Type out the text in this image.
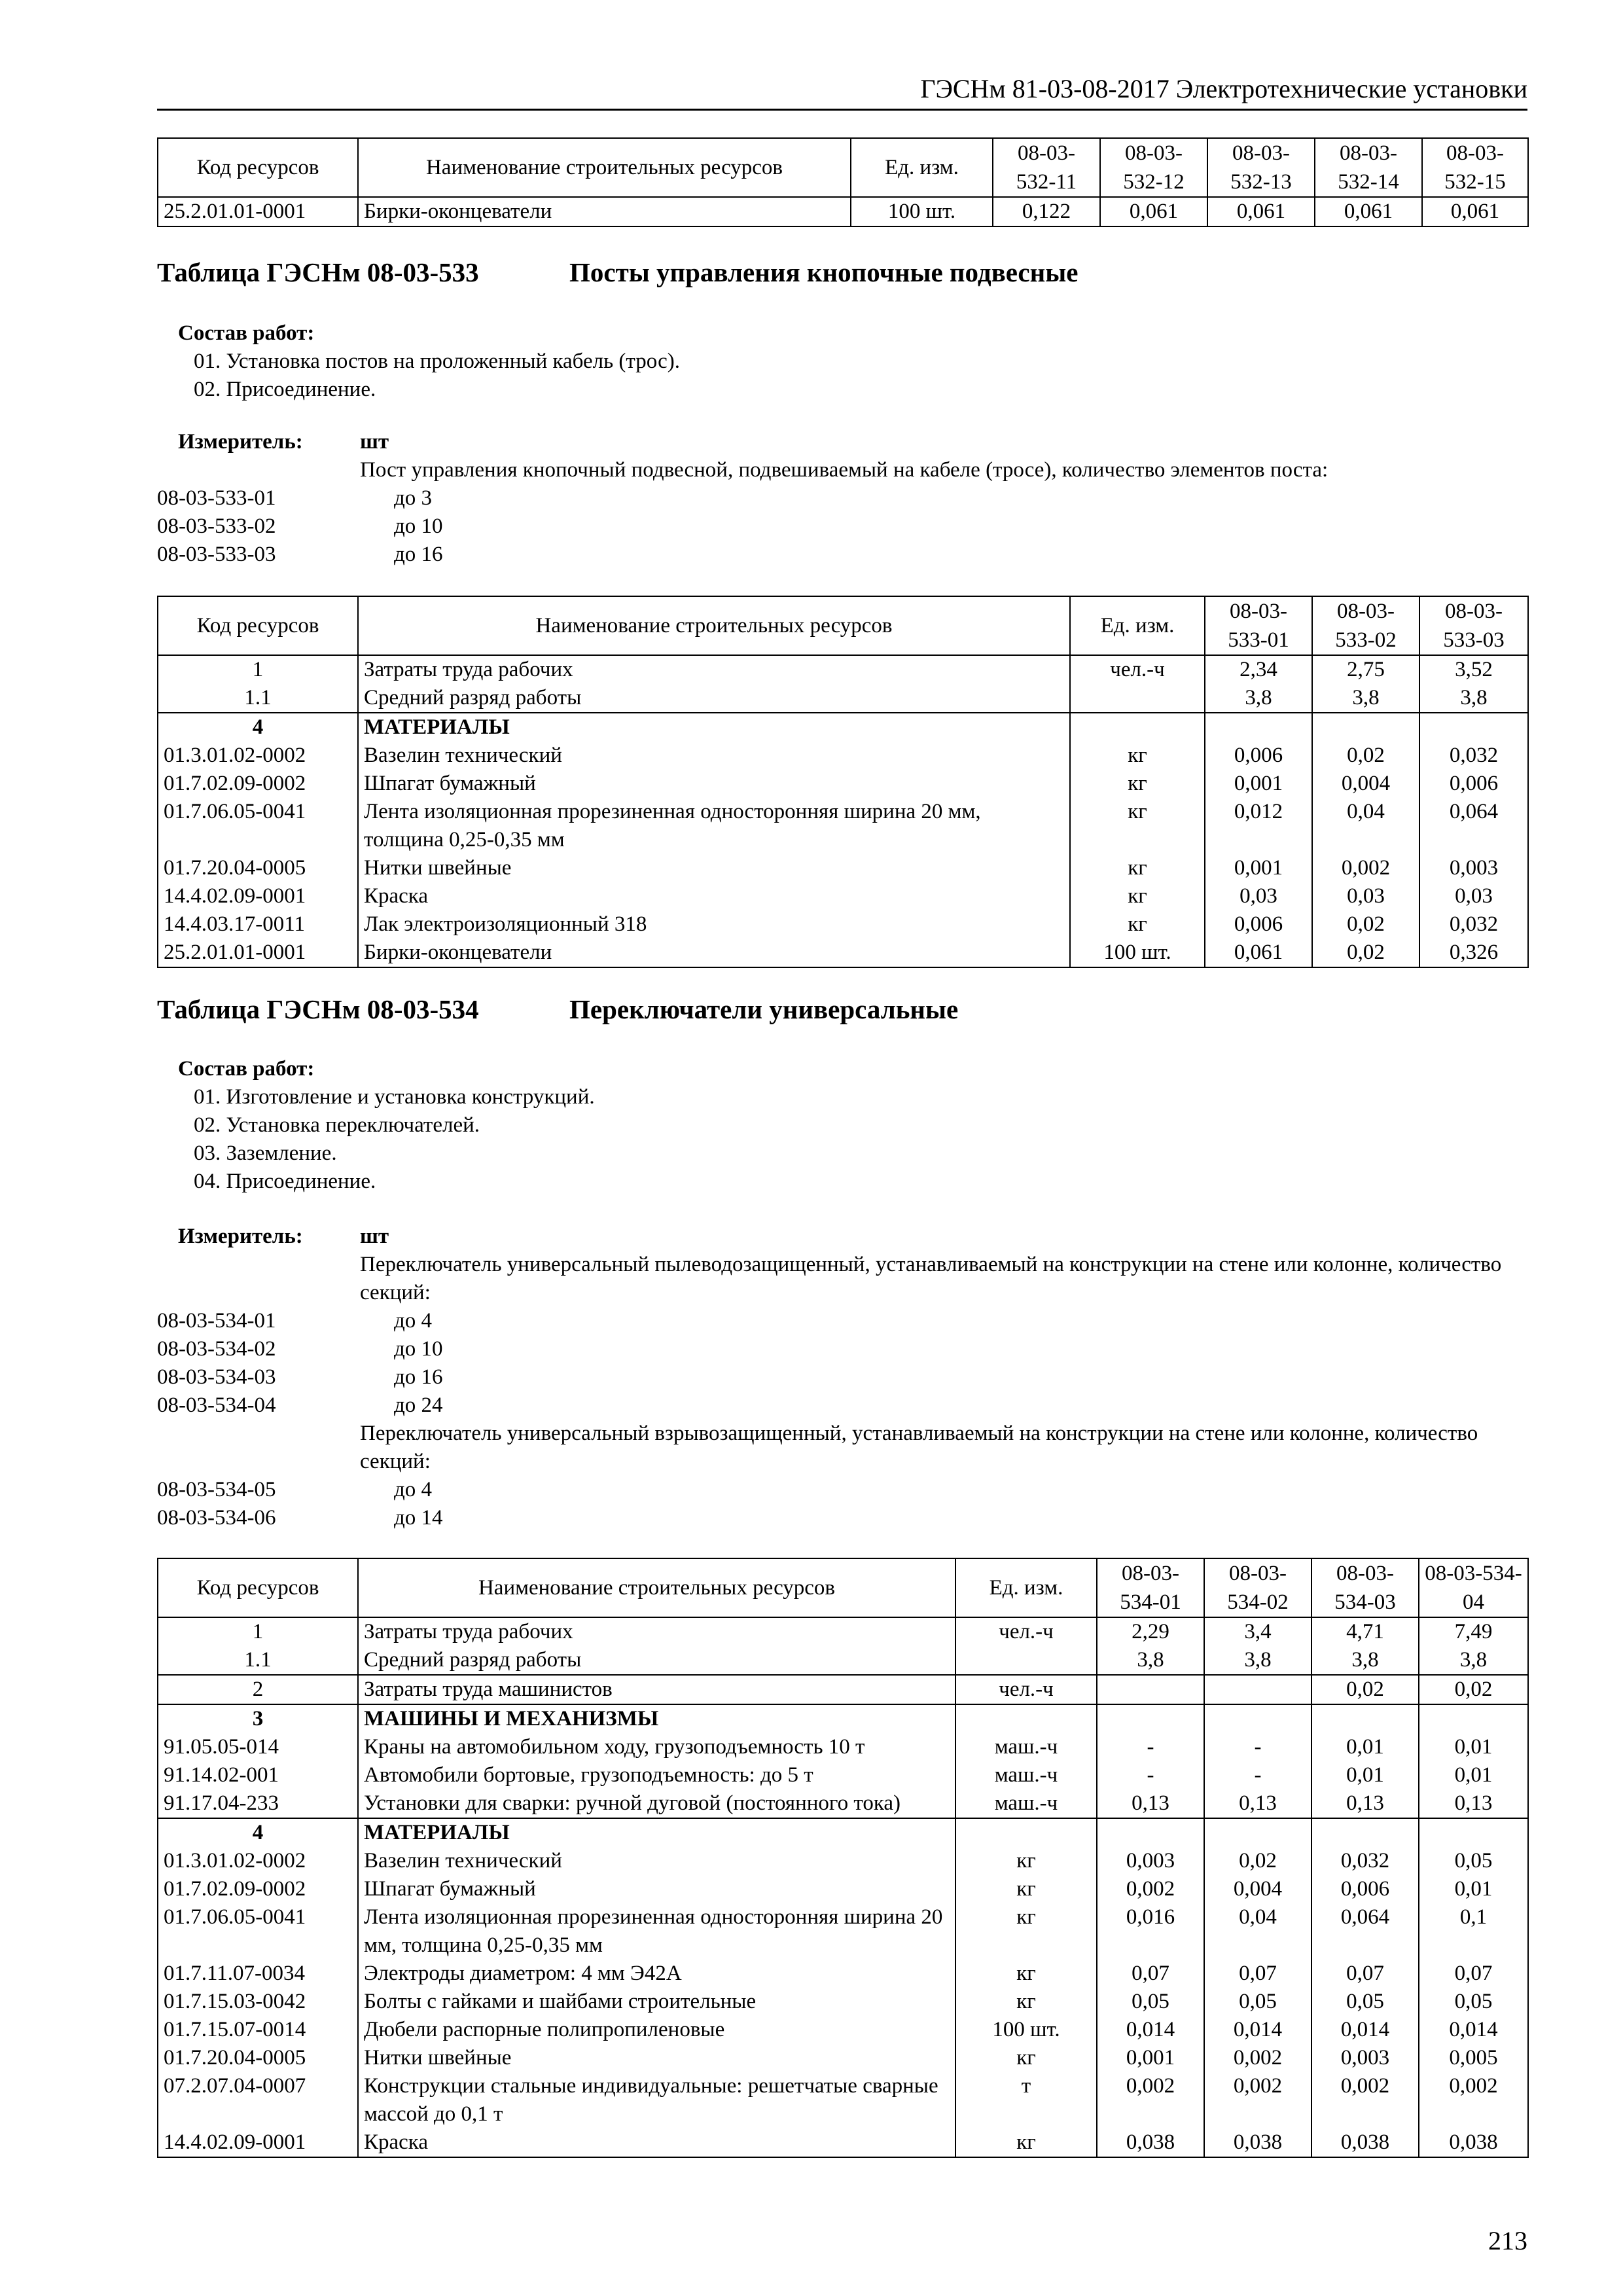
ГЭСНм 81-03-08-2017 Электротехнические установки
Код ресурсов	Наименование строительных ресурсов	Ед. изм.	08-03-532-11	08-03-532-12	08-03-532-13	08-03-532-14	08-03-532-15
25.2.01.01-0001	Бирки-оконцеватели	100 шт.	0,122	0,061	0,061	0,061	0,061
Таблица ГЭСНм 08-03-533	Посты управления кнопочные подвесные
Состав работ:
01. Установка постов на проложенный кабель (трос).
02. Присоединение.
Измеритель:	шт
Пост управления кнопочный подвесной, подвешиваемый на кабеле (тросе), количество элементов поста:
08-03-533-01	до 3
08-03-533-02	до 10
08-03-533-03	до 16
Код ресурсов	Наименование строительных ресурсов	Ед. изм.	08-03-533-01	08-03-533-02	08-03-533-03
1	Затраты труда рабочих	чел.-ч	2,34	2,75	3,52
1.1	Средний разряд работы		3,8	3,8	3,8
4	МАТЕРИАЛЫ				
01.3.01.02-0002	Вазелин технический	кг	0,006	0,02	0,032
01.7.02.09-0002	Шпагат бумажный	кг	0,001	0,004	0,006
01.7.06.05-0041	Лента изоляционная прорезиненная односторонняя ширина 20 мм, толщина 0,25-0,35 мм	кг	0,012	0,04	0,064
01.7.20.04-0005	Нитки швейные	кг	0,001	0,002	0,003
14.4.02.09-0001	Краска	кг	0,03	0,03	0,03
14.4.03.17-0011	Лак электроизоляционный 318	кг	0,006	0,02	0,032
25.2.01.01-0001	Бирки-оконцеватели	100 шт.	0,061	0,02	0,326
Таблица ГЭСНм 08-03-534	Переключатели универсальные
Состав работ:
01. Изготовление и установка конструкций.
02. Установка переключателей.
03. Заземление.
04. Присоединение.
Измеритель:	шт
Переключатель универсальный пылеводозащищенный, устанавливаемый на конструкции на стене или колонне, количество секций:
08-03-534-01	до 4
08-03-534-02	до 10
08-03-534-03	до 16
08-03-534-04	до 24
Переключатель универсальный взрывозащищенный, устанавливаемый на конструкции на стене или колонне, количество секций:
08-03-534-05	до 4
08-03-534-06	до 14
Код ресурсов	Наименование строительных ресурсов	Ед. изм.	08-03-534-01	08-03-534-02	08-03-534-03	08-03-534-04
1	Затраты труда рабочих	чел.-ч	2,29	3,4	4,71	7,49
1.1	Средний разряд работы		3,8	3,8	3,8	3,8
2	Затраты труда машинистов	чел.-ч			0,02	0,02
3	МАШИНЫ И МЕХАНИЗМЫ					
91.05.05-014	Краны на автомобильном ходу, грузоподъемность 10 т	маш.-ч	-	-	0,01	0,01
91.14.02-001	Автомобили бортовые, грузоподъемность: до 5 т	маш.-ч	-	-	0,01	0,01
91.17.04-233	Установки для сварки: ручной дуговой (постоянного тока)	маш.-ч	0,13	0,13	0,13	0,13
4	МАТЕРИАЛЫ					
01.3.01.02-0002	Вазелин технический	кг	0,003	0,02	0,032	0,05
01.7.02.09-0002	Шпагат бумажный	кг	0,002	0,004	0,006	0,01
01.7.06.05-0041	Лента изоляционная прорезиненная односторонняя ширина 20 мм, толщина 0,25-0,35 мм	кг	0,016	0,04	0,064	0,1
01.7.11.07-0034	Электроды диаметром: 4 мм Э42А	кг	0,07	0,07	0,07	0,07
01.7.15.03-0042	Болты с гайками и шайбами строительные	кг	0,05	0,05	0,05	0,05
01.7.15.07-0014	Дюбели распорные полипропиленовые	100 шт.	0,014	0,014	0,014	0,014
01.7.20.04-0005	Нитки швейные	кг	0,001	0,002	0,003	0,005
07.2.07.04-0007	Конструкции стальные индивидуальные: решетчатые сварные массой до 0,1 т	т	0,002	0,002	0,002	0,002
14.4.02.09-0001	Краска	кг	0,038	0,038	0,038	0,038
213
